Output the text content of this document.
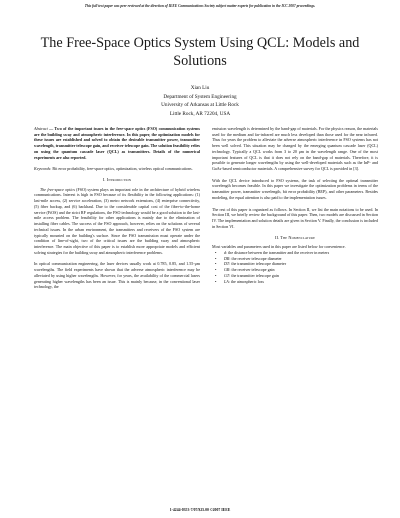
This full text paper was peer reviewed at the direction of IEEE Communications Society subject matter experts for publication in the ICC 2007 proceedings.
The Free-Space Optics System Using QCL: Models and Solutions
Xian Liu
Department of System Engineering
University of Arkansas at Little Rock
Little Rock, AR 72204, USA

Abstract — Two of the important issues in the free-space optics (FSO) communication systems are the building sway and atmospheric interference. In this paper, the optimization models for these issues are established and solved to obtain the desirable transmitter power, transmitter wavelength, transmitter telescope gain, and receiver telescope gain. The solution feasibility relies on using the quantum cascade laser (QCL) as transmitters. Details of the numerical experiments are also reported.

Keywords: Bit error probability, free-space optics, optimization, wireless optical communications.

I. Introduction

The free-space optics (FSO) system plays an important role in the architecture of hybrid wireless communications. Interest is high in FSO because of its flexibility in the following applications: (1) last-mile access, (2) service acceleration, (3) metro network extensions, (4) enterprise connectivity, (5) fiber backup, and (6) backhaul. Due to the considerable capital cost of the fiber-to-the-home service (FiOS) and the strict RF regulations, the FSO technology would be a good solution to the last-mile access problem. The feasibility for other applications is mainly due to the elimination of installing fiber cables. The success of the FSO approach, however, relies on the solutions of several technical issues. In the urban environment, the transmitters and receivers of the FSO system are typically mounted on the building's surface. Since the FSO transmission must operate under the condition of line-of-sight, two of the critical issues are the building sway and atmospheric interference. The main objective of this paper is to establish more appropriate models and efficient solving strategies for the building sway and atmospheric interference problems.

In optical communication engineering, the laser devices usually work at 0.785, 0.85, and 1.55-μm wavelengths. The field experiments have shown that the adverse atmospheric interference may be alleviated by using higher wavelengths. However, for years, the availability of the commercial lasers generating higher wavelengths has been an issue. This is mainly because, in the conventional laser technology, the

emission wavelength is determined by the band-gap of materials. For the physics reason, the materials used for the medium and far-infrared are much less developed than those used for the near infrared. Thus for years the problem to alleviate the adverse atmospheric interference in FSO systems has not been well solved. This situation may be changed by the emerging quantum cascade laser (QCL) technology. Typically a QCL works from 3 to 20 μm in the wavelength range. One of the most important features of QCL is that it does not rely on the band-gap of materials. Therefore, it is possible to generate longer wavelengths by using the well-developed materials such as the InP- and GaAs-based semiconductor materials. A comprehensive survey for QCL is provided in [3].

With the QCL device introduced to FSO systems, the task of selecting the optimal transmitter wavelength becomes feasible. In this paper we investigate the optimization problems in terms of the transmitter power, transmitter wavelength, bit error probability (BEP), and other parameters. Besides modeling, the equal attention is also paid to the implementation issues.

The rest of this paper is organized as follows. In Section II, we list the main notations to be used. In Section III, we briefly review the background of this paper. Then, two models are discussed in Section IV. The implementation and solution details are given in Section V. Finally, the conclusion is included in Section VI.

II. The Nomenclature

Most variables and parameters used in this paper are listed below for convenience.

• d: the distance between the transmitter and the receiver in meters
• DR: the receiver telescope diameter
• DT: the transmitter telescope diameter
• GR: the receiver telescope gain
• GT: the transmitter telescope gain
• LA: the atmospheric loss
1-4244-0353-7/07/$25.00 ©2007 IEEE
